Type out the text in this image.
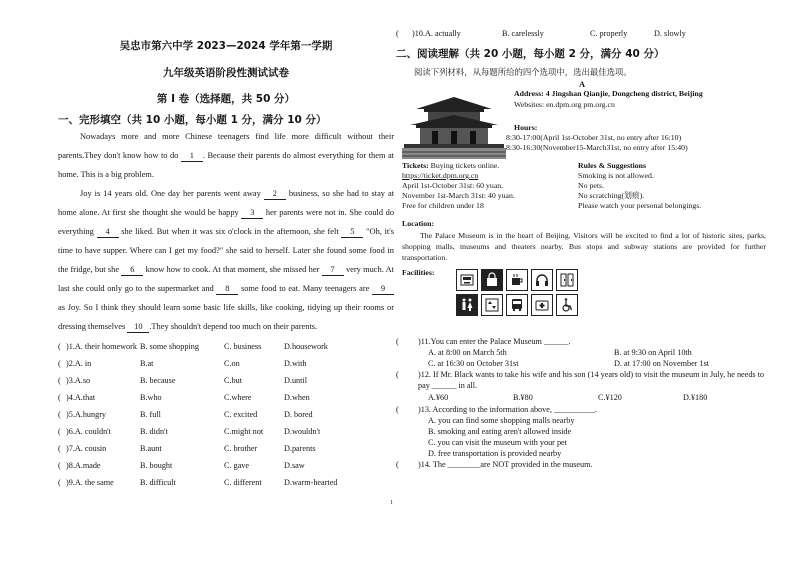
吴忠市第六中学 2023—2024 学年第一学期
九年级英语阶段性测试试卷
第 Ⅰ 卷（选择题，共 50 分）
一、完形填空（共 10 小题，每小题 1 分，满分 10 分）
Nowadays more and more Chinese teenagers find life more difficult without their parents.They don't know how to do 1 . Because their parents do almost everything for them at home. This is a big problem.
Joy is 14 years old. One day her parents went away 2 business, so she had to stay at home alone. At first she thought she would be happy 3 her parents were not in. She could do everything 4 she liked. But when it was six o'clock in the afternoon, she felt 5 "Oh, it's time to have supper. Where can I get my food?" she said to herself. Later she found some food in the fridge, but she 6 know how to cook. At that moment, she missed her 7 very much. At last she could only go to the supermarket and 8 some food to eat. Many teenagers are 9 as Joy. So I think they should learn some basic life skills, like cooking, tidying up their rooms or dressing themselves 10 .They shouldn't depend too much on their parents.
( )1.A. their homework B. some shopping	C. business	D.housework
( )2.A. in	B.at	C.on	D.with
( )3.A.so	B. because	C.but	D.until
( )4.A.that	B.who	C.where	D.when
( )5.A.hungry	B. full	C. excited	D. bored
( )6.A. couldn't	B. didn't	C.might not	D.wouldn't
( )7.A. cousin	B.aunt	C. brother	D.parents
( )8.A.made	B. bought	C. gave	D.saw
( )9.A. the same	B. difficult	C. different	D.warm-hearted
(	)10.A. actually	B. carelessly	C. properly	D. slowly
二、阅读理解（共 20 小题，每小题 2 分，满分 40 分）
阅读下列材料，从每题所给的四个选项中，选出最佳选项。
A
Address: 4 Jingshan Qianjie, Dongcheng district, Beijing
Websites: en.dpm.org pm.org.cn
Hours:
8:30-17:00(April 1st-October 31st, no entry after 16:10)
8:30-16:30(November15-March31st, no entry after 15:40)
Tickets: Buying tickets online.
https://ticket.dpm.org.cn
April 1st-October 31st: 60 yuan.
November 1st-March 31st: 40 yuan.
Free for children under 18
Rules & Suggestions
Smoking is not allowed.
No pets.
No scratching(划痕).
Please watch your personal belongings.
Location:
The Palace Museum is in the heart of Beijing. Visitors will be excited to find a lot of historic sites, parks, shopping malls, museums and theaters nearby. Bus stops and subway stations are provided for further transportation.
Facilities:
(	)11.You can enter the Palace Museum ______.
A. at 8:00 on March 5th	B. at 9:30 on April 10th
C. at 16:30 on October 31st	D. at 17:00 on November 1st
(	)12. If Mr. Black wants to take his wife and his son (14 years old) to visit the museum in July, he needs to pay ______ in all.
A.¥60	B.¥80	C.¥120	D.¥180
(	)13. According to the information above, __________.
A. you can find some shopping malls nearby
B. smoking and eating aren't allowed inside
C. you can visit the museum with your pet
D. free transportation is provided nearby
(	)14. The ________are NOT provided in the museum.
1
